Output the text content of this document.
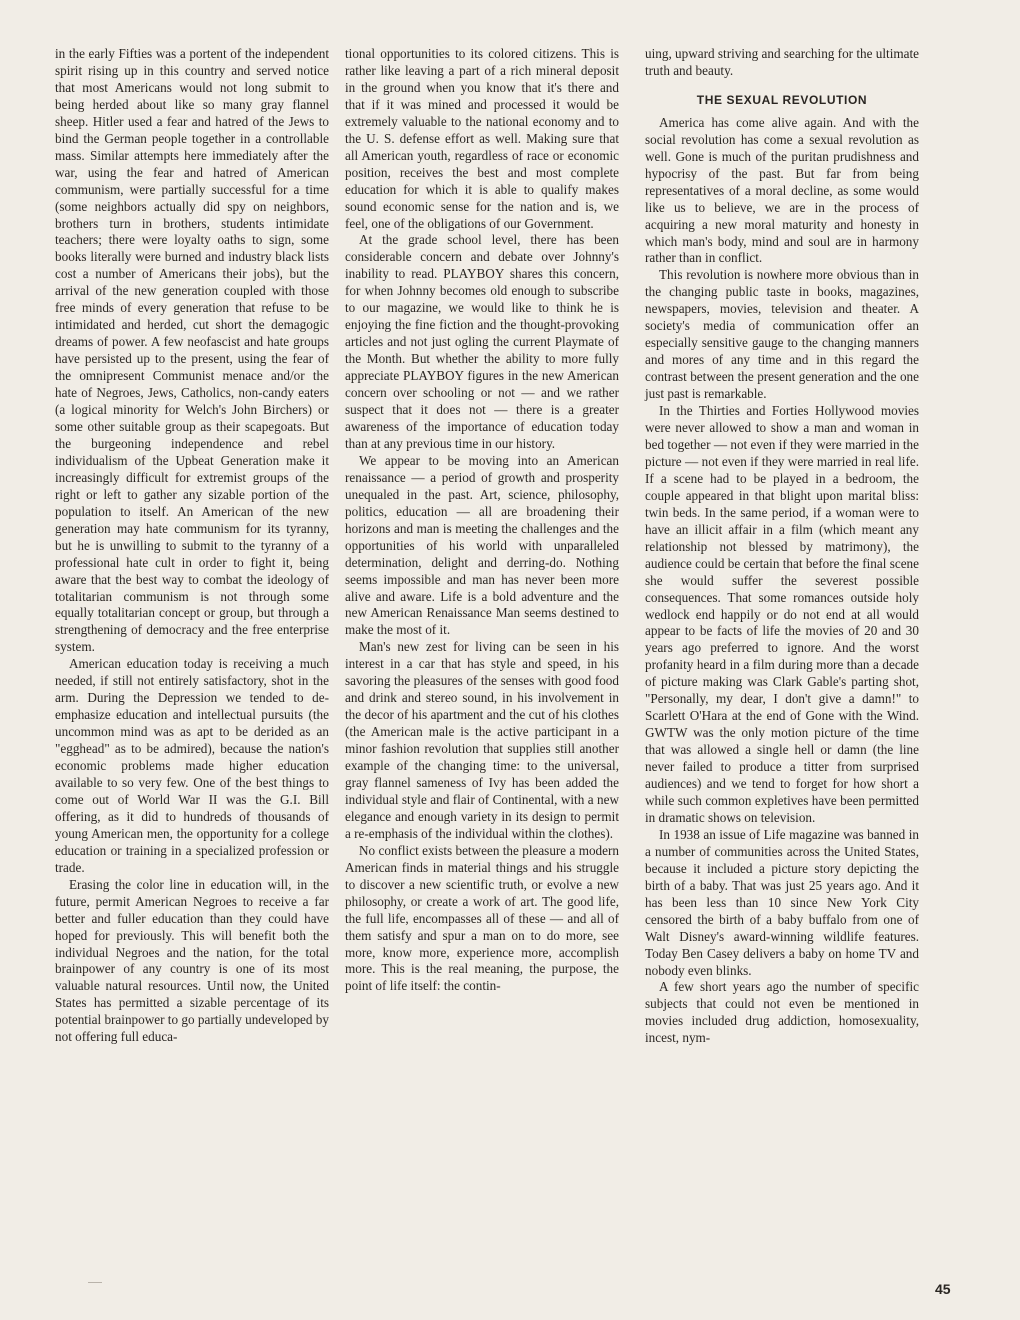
in the early Fifties was a portent of the independent spirit rising up in this country and served notice that most Americans would not long submit to being herded about like so many gray flannel sheep. Hitler used a fear and hatred of the Jews to bind the German people together in a controllable mass. Similar attempts here immediately after the war, using the fear and hatred of American communism, were partially successful for a time (some neighbors actually did spy on neighbors, brothers turn in brothers, students intimidate teachers; there were loyalty oaths to sign, some books literally were burned and industry black lists cost a number of Americans their jobs), but the arrival of the new generation coupled with those free minds of every generation that refuse to be intimidated and herded, cut short the demagogic dreams of power. A few neofascist and hate groups have persisted up to the present, using the fear of the omnipresent Communist menace and/or the hate of Negroes, Jews, Catholics, non-candy eaters (a logical minority for Welch's John Birchers) or some other suitable group as their scapegoats. But the burgeoning independence and rebel individualism of the Upbeat Generation make it increasingly difficult for extremist groups of the right or left to gather any sizable portion of the population to itself. An American of the new generation may hate communism for its tyranny, but he is unwilling to submit to the tyranny of a professional hate cult in order to fight it, being aware that the best way to combat the ideology of totalitarian communism is not through some equally totalitarian concept or group, but through a strengthening of democracy and the free enterprise system.

American education today is receiving a much needed, if still not entirely satisfactory, shot in the arm. During the Depression we tended to de-emphasize education and intellectual pursuits (the uncommon mind was as apt to be derided as an "egghead" as to be admired), because the nation's economic problems made higher education available to so very few. One of the best things to come out of World War II was the G.I. Bill offering, as it did to hundreds of thousands of young American men, the opportunity for a college education or training in a specialized profession or trade.

Erasing the color line in education will, in the future, permit American Negroes to receive a far better and fuller education than they could have hoped for previously. This will benefit both the individual Negroes and the nation, for the total brainpower of any country is one of its most valuable natural resources. Until now, the United States has permitted a sizable percentage of its potential brainpower to go partially undeveloped by not offering full educa-

tional opportunities to its colored citizens. This is rather like leaving a part of a rich mineral deposit in the ground when you know that it's there and that if it was mined and processed it would be extremely valuable to the national economy and to the U. S. defense effort as well. Making sure that all American youth, regardless of race or economic position, receives the best and most complete education for which it is able to qualify makes sound economic sense for the nation and is, we feel, one of the obligations of our Government.

At the grade school level, there has been considerable concern and debate over Johnny's inability to read. PLAYBOY shares this concern, for when Johnny becomes old enough to subscribe to our magazine, we would like to think he is enjoying the fine fiction and the thought-provoking articles and not just ogling the current Playmate of the Month. But whether the ability to more fully appreciate PLAYBOY figures in the new American concern over schooling or not — and we rather suspect that it does not — there is a greater awareness of the importance of education today than at any previous time in our history.

We appear to be moving into an American renaissance — a period of growth and prosperity unequaled in the past. Art, science, philosophy, politics, education — all are broadening their horizons and man is meeting the challenges and the opportunities of his world with unparalleled determination, delight and derring-do. Nothing seems impossible and man has never been more alive and aware. Life is a bold adventure and the new American Renaissance Man seems destined to make the most of it.

Man's new zest for living can be seen in his interest in a car that has style and speed, in his savoring the pleasures of the senses with good food and drink and stereo sound, in his involvement in the decor of his apartment and the cut of his clothes (the American male is the active participant in a minor fashion revolution that supplies still another example of the changing time: to the universal, gray flannel sameness of Ivy has been added the individual style and flair of Continental, with a new elegance and enough variety in its design to permit a re-emphasis of the individual within the clothes).

No conflict exists between the pleasure a modern American finds in material things and his struggle to discover a new scientific truth, or evolve a new philosophy, or create a work of art. The good life, the full life, encompasses all of these — and all of them satisfy and spur a man on to do more, see more, know more, experience more, accomplish more. This is the real meaning, the purpose, the point of life itself: the contin-

uing, upward striving and searching for the ultimate truth and beauty.

THE SEXUAL REVOLUTION

America has come alive again. And with the social revolution has come a sexual revolution as well. Gone is much of the puritan prudishness and hypocrisy of the past. But far from being representatives of a moral decline, as some would like us to believe, we are in the process of acquiring a new moral maturity and honesty in which man's body, mind and soul are in harmony rather than in conflict.

This revolution is nowhere more obvious than in the changing public taste in books, magazines, newspapers, movies, television and theater. A society's media of communication offer an especially sensitive gauge to the changing manners and mores of any time and in this regard the contrast between the present generation and the one just past is remarkable.

In the Thirties and Forties Hollywood movies were never allowed to show a man and woman in bed together — not even if they were married in the picture — not even if they were married in real life. If a scene had to be played in a bedroom, the couple appeared in that blight upon marital bliss: twin beds. In the same period, if a woman were to have an illicit affair in a film (which meant any relationship not blessed by matrimony), the audience could be certain that before the final scene she would suffer the severest possible consequences. That some romances outside holy wedlock end happily or do not end at all would appear to be facts of life the movies of 20 and 30 years ago preferred to ignore. And the worst profanity heard in a film during more than a decade of picture making was Clark Gable's parting shot, "Personally, my dear, I don't give a damn!" to Scarlett O'Hara at the end of Gone with the Wind. GWTW was the only motion picture of the time that was allowed a single hell or damn (the line never failed to produce a titter from surprised audiences) and we tend to forget for how short a while such common expletives have been permitted in dramatic shows on television.

In 1938 an issue of Life magazine was banned in a number of communities across the United States, because it included a picture story depicting the birth of a baby. That was just 25 years ago. And it has been less than 10 since New York City censored the birth of a baby buffalo from one of Walt Disney's award-winning wildlife features. Today Ben Casey delivers a baby on home TV and nobody even blinks.

A few short years ago the number of specific subjects that could not even be mentioned in movies included drug addiction, homosexuality, incest, nym-

45
